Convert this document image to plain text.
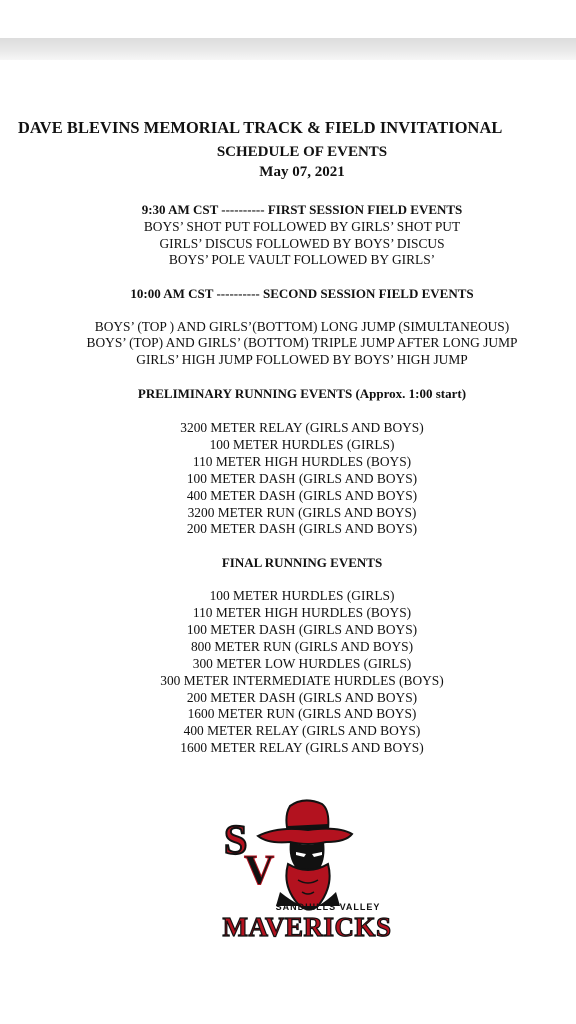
DAVE BLEVINS MEMORIAL TRACK & FIELD INVITATIONAL
SCHEDULE OF EVENTS
May 07, 2021
9:30 AM CST ---------- FIRST SESSION FIELD EVENTS
BOYS’ SHOT PUT FOLLOWED BY GIRLS’ SHOT PUT
GIRLS’ DISCUS FOLLOWED BY BOYS’ DISCUS
BOYS’ POLE VAULT FOLLOWED BY GIRLS’
10:00 AM CST ---------- SECOND SESSION FIELD EVENTS
BOYS’ (TOP ) AND GIRLS’(BOTTOM) LONG JUMP (SIMULTANEOUS)
BOYS’ (TOP) AND GIRLS’ (BOTTOM) TRIPLE JUMP AFTER LONG JUMP
GIRLS’ HIGH JUMP FOLLOWED BY BOYS’ HIGH JUMP
PRELIMINARY RUNNING EVENTS (Approx. 1:00 start)
3200 METER RELAY (GIRLS AND BOYS)
100 METER HURDLES (GIRLS)
110 METER HIGH HURDLES (BOYS)
100 METER DASH (GIRLS AND BOYS)
400 METER DASH (GIRLS AND BOYS)
3200 METER RUN (GIRLS AND BOYS)
200 METER DASH (GIRLS AND BOYS)
FINAL RUNNING EVENTS
100 METER HURDLES (GIRLS)
110 METER HIGH HURDLES (BOYS)
100 METER DASH (GIRLS AND BOYS)
800 METER RUN (GIRLS AND BOYS)
300 METER LOW HURDLES (GIRLS)
300 METER INTERMEDIATE HURDLES (BOYS)
200 METER DASH (GIRLS AND BOYS)
1600 METER RUN (GIRLS AND BOYS)
400 METER RELAY (GIRLS AND BOYS)
1600 METER RELAY (GIRLS AND BOYS)
S
V
SANDHILLS VALLEY
MAVERICKS
